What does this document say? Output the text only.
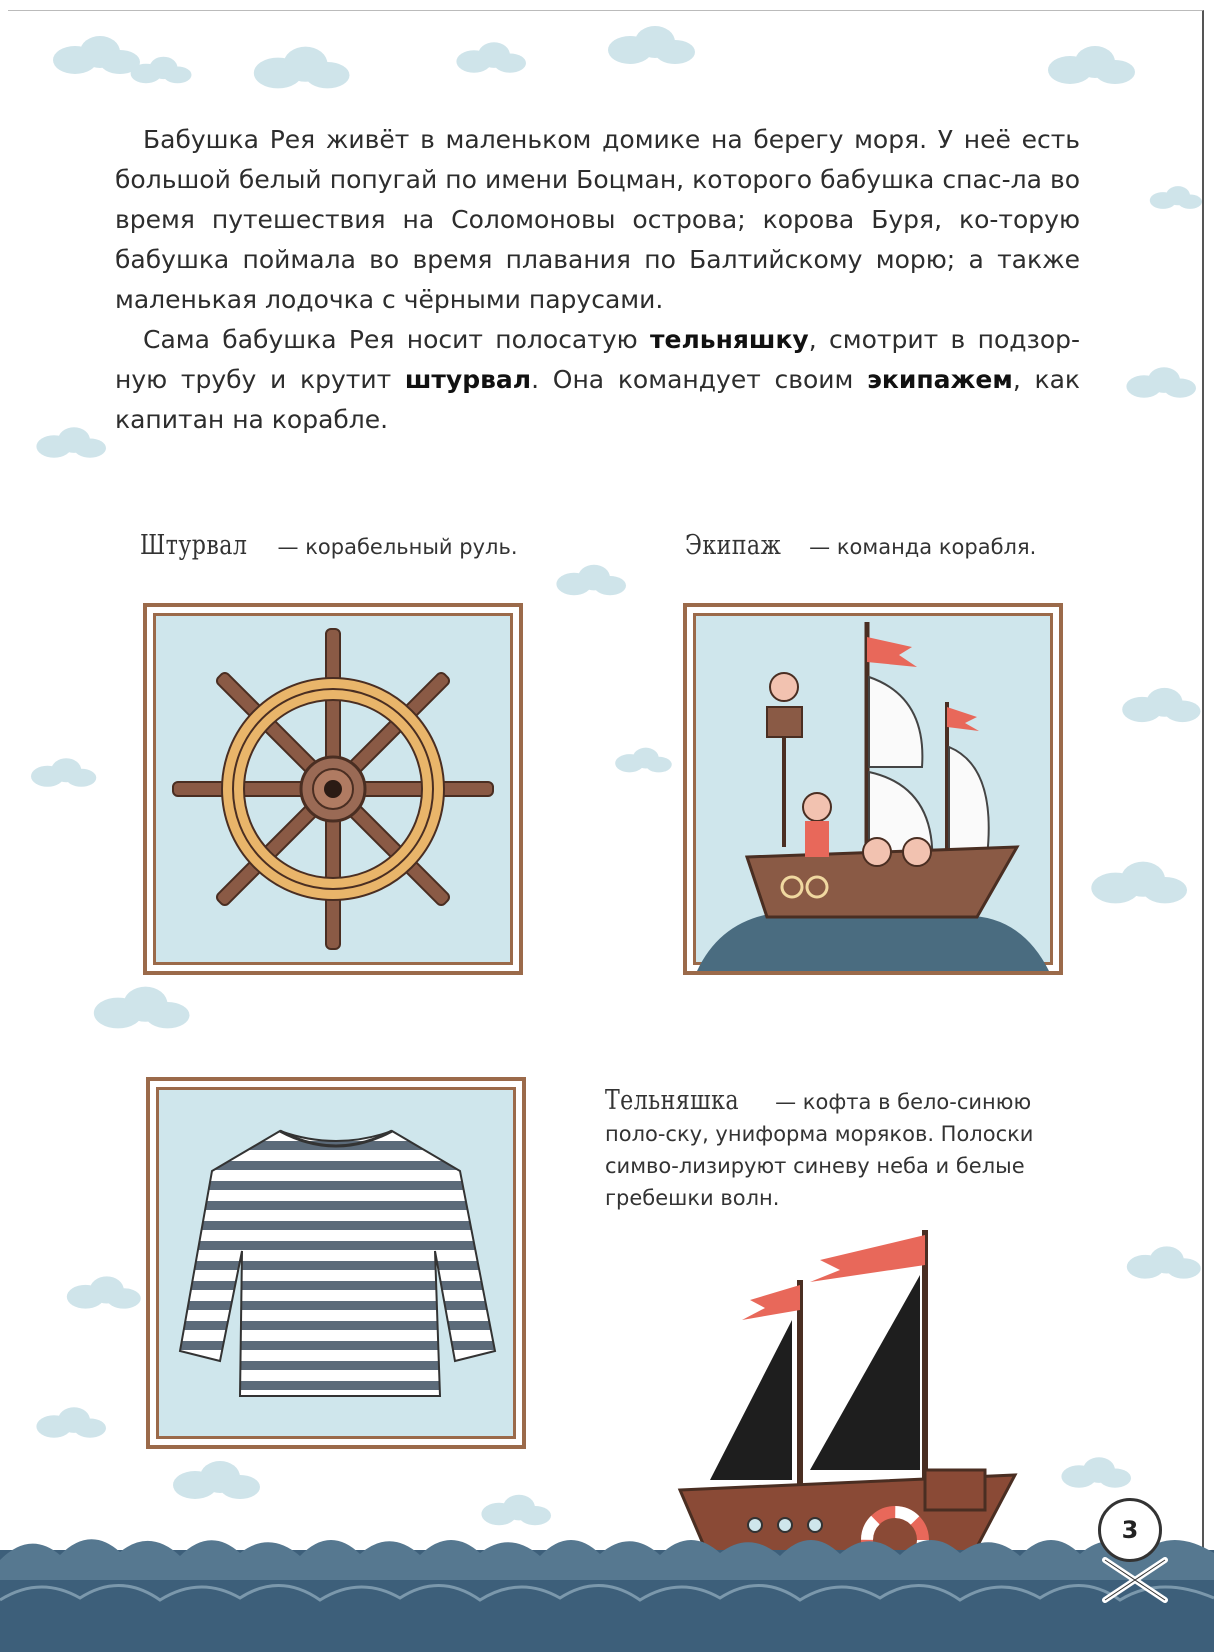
Бабушка Рея живёт в маленьком домике на берегу моря. У неё есть большой белый попугай по имени Боцман, которого бабушка спас-ла во время путешествия на Соломоновы острова; корова Буря, ко-торую бабушка поймала во время плавания по Балтийскому морю; а также маленькая лодочка с чёрными парусами.

Сама бабушка Рея носит полосатую тельняшку, смотрит в подзор-ную трубу и крутит штурвал. Она командует своим экипажем, как капитан на корабле.

Штурвал — корабельный руль.	Экипаж — команда корабля.
Тельняшка — кофта в бело-синюю поло-ску, униформа моряков. Полоски симво-лизируют синеву неба и белые гребешки волн.
3
